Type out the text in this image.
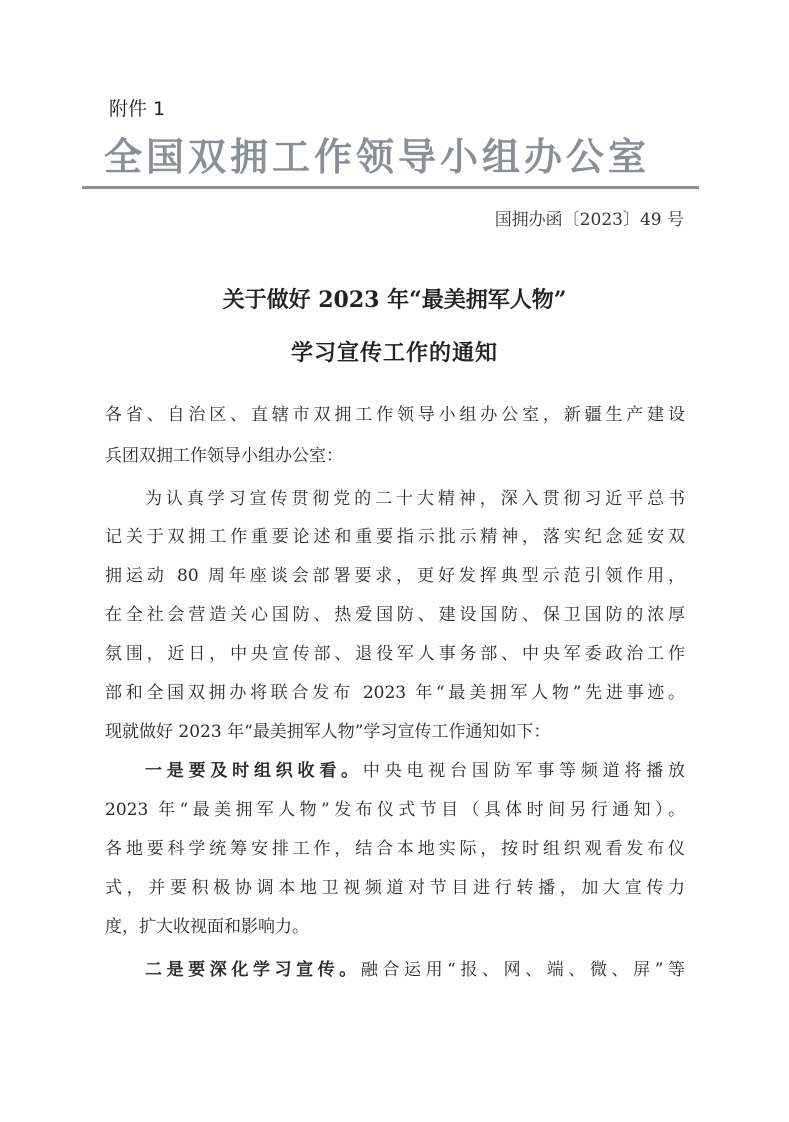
附件 1
全国双拥工作领导小组办公室
国拥办函〔2023〕49 号
关于做好 2023 年“最美拥军人物”
学习宣传工作的通知
各省、自治区、直辖市双拥工作领导小组办公室，新疆生产建设
兵团双拥工作领导小组办公室：
为认真学习宣传贯彻党的二十大精神，深入贯彻习近平总书
记关于双拥工作重要论述和重要指示批示精神，落实纪念延安双
拥运动 80 周年座谈会部署要求，更好发挥典型示范引领作用，
在全社会营造关心国防、热爱国防、建设国防、保卫国防的浓厚
氛围，近日，中央宣传部、退役军人事务部、中央军委政治工作
部和全国双拥办将联合发布 2023 年“最美拥军人物”先进事迹。
现就做好 2023 年“最美拥军人物”学习宣传工作通知如下：
一是要及时组织收看。中央电视台国防军事等频道将播放
2023 年“最美拥军人物”发布仪式节目（具体时间另行通知）。
各地要科学统筹安排工作，结合本地实际，按时组织观看发布仪
式，并要积极协调本地卫视频道对节目进行转播，加大宣传力
度，扩大收视面和影响力。
二是要深化学习宣传。融合运用“报、网、端、微、屏”等
